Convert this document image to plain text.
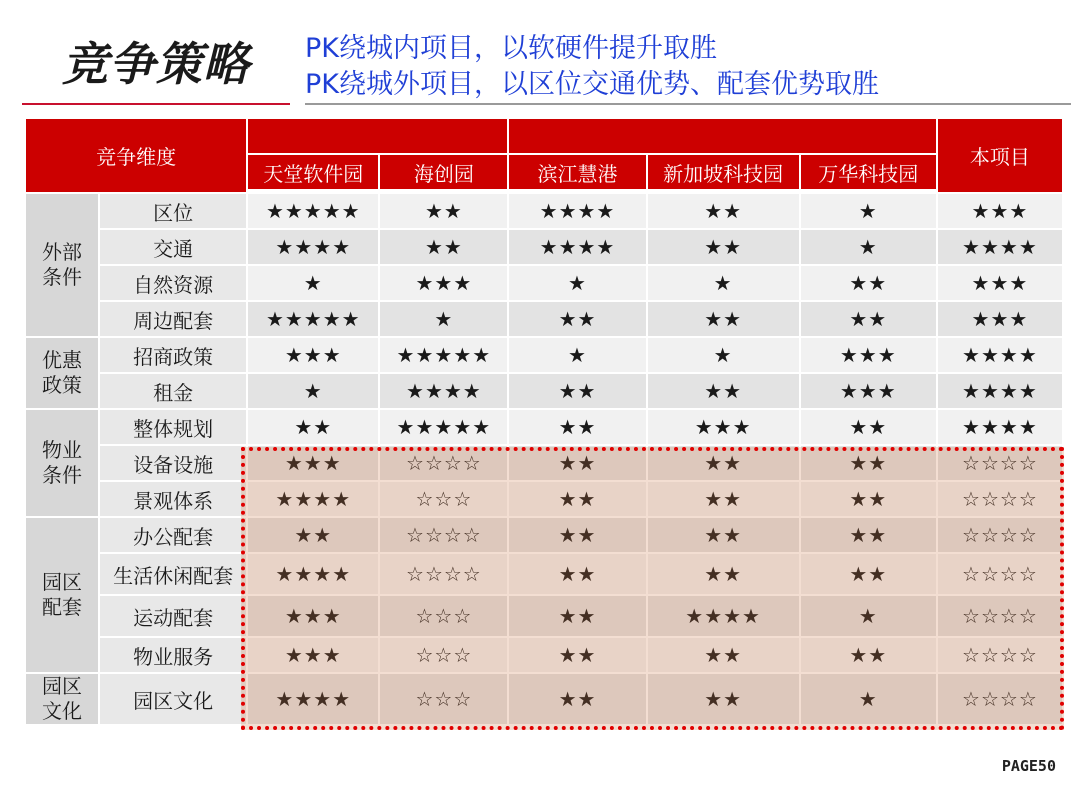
竞争策略 PK绕城内项目，以软硬件提升取胜
PK绕城外项目，以区位交通优势、配套优势取胜
竞争维度							本项目
		天堂软件园	海创园	滨江慧港	新加坡科技园	万华科技园	
外部
条件	区位	★★★★★	★★	★★★★	★★	★	★★★
	交通	★★★★	★★	★★★★	★★	★	★★★★
	自然资源	★	★★★	★	★	★★	★★★
	周边配套	★★★★★	★	★★	★★	★★	★★★
优惠
政策	招商政策	★★★	★★★★★	★	★	★★★	★★★★
	租金	★	★★★★	★★	★★	★★★	★★★★
物业
条件	整体规划	★★	★★★★★	★★	★★★	★★	★★★★
	设备设施	★★★	☆☆☆☆	★★	★★	★★	☆☆☆☆
	景观体系	★★★★	☆☆☆	★★	★★	★★	☆☆☆☆
园区
配套	办公配套	★★	☆☆☆☆	★★	★★	★★	☆☆☆☆
	生活休闲配套	★★★★	☆☆☆☆	★★	★★	★★	☆☆☆☆
	运动配套	★★★	☆☆☆	★★	★★★★	★	☆☆☆☆
	物业服务	★★★	☆☆☆	★★	★★	★★	☆☆☆☆
园区
文化	园区文化	★★★★	☆☆☆	★★	★★	★	☆☆☆☆
PAGE50
